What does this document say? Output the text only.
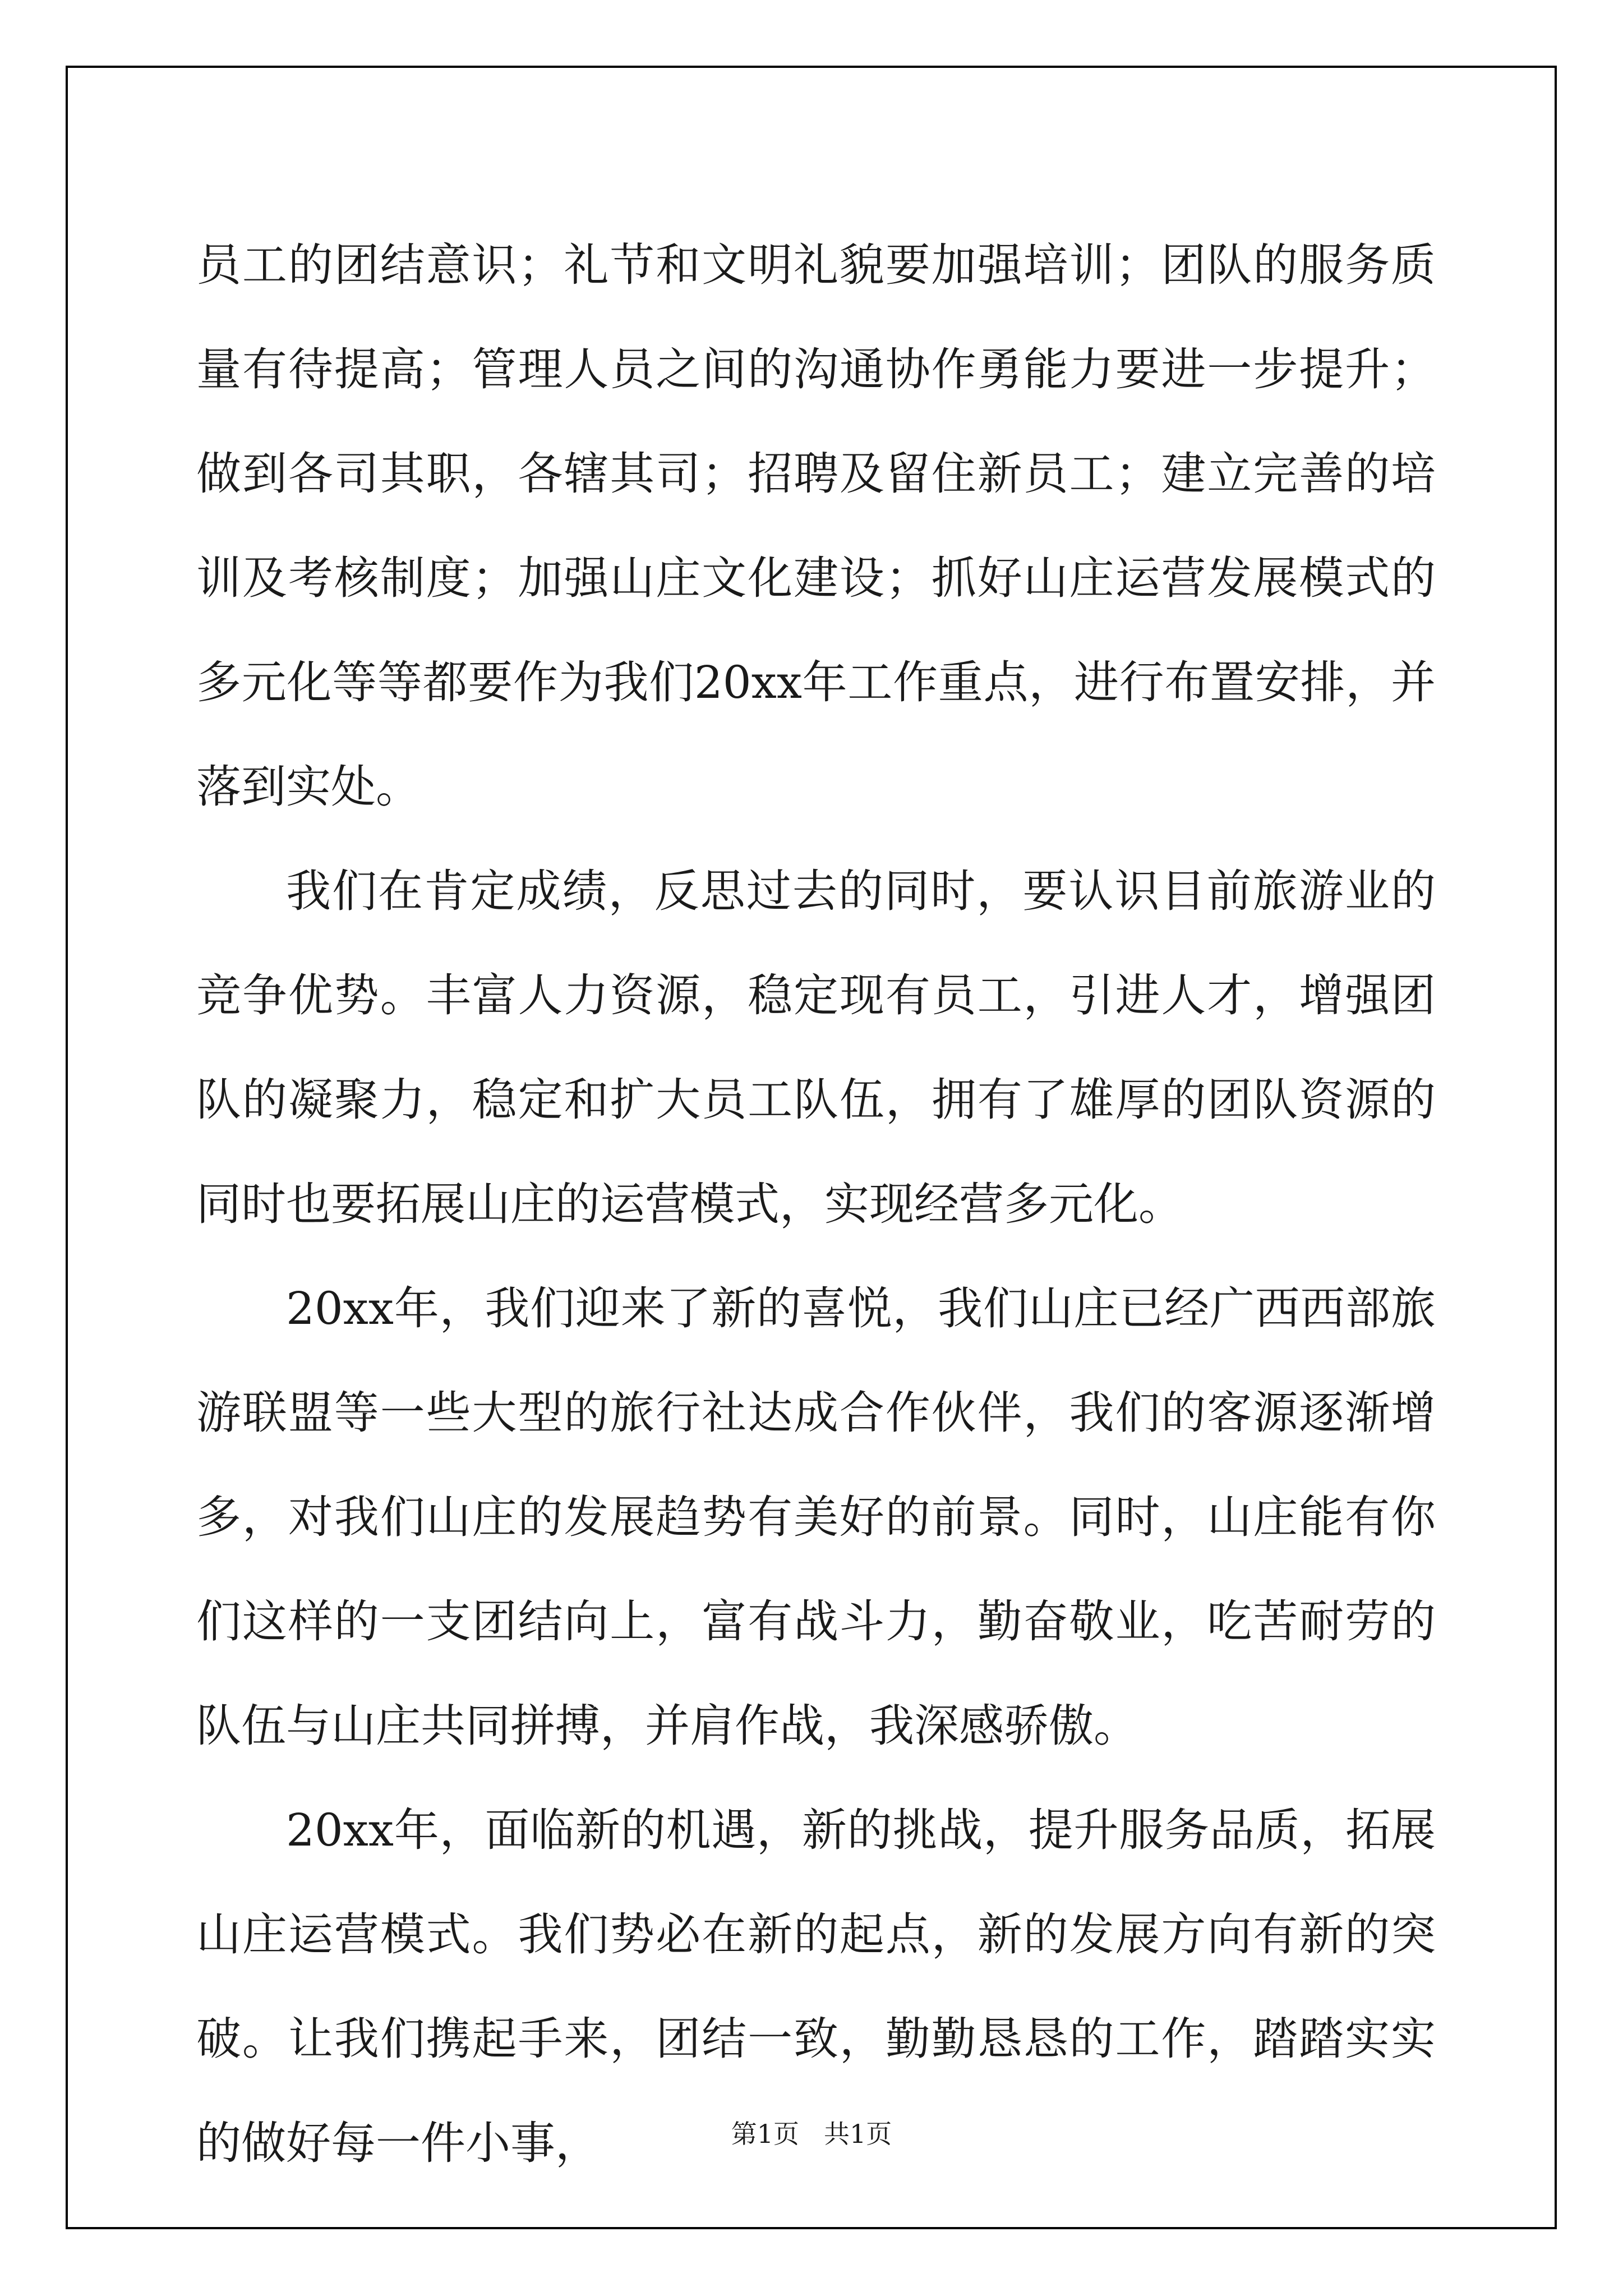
员工的团结意识；礼节和文明礼貌要加强培训；团队的服务质量有待提高；管理人员之间的沟通协作勇能力要进一步提升；做到各司其职，各辖其司；招聘及留住新员工；建立完善的培训及考核制度；加强山庄文化建设；抓好山庄运营发展模式的多元化等等都要作为我们20xx年工作重点，进行布置安排，并落到实处。

我们在肯定成绩，反思过去的同时，要认识目前旅游业的竞争优势。丰富人力资源，稳定现有员工，引进人才，增强团队的凝聚力，稳定和扩大员工队伍，拥有了雄厚的团队资源的同时也要拓展山庄的运营模式，实现经营多元化。

20xx年，我们迎来了新的喜悦，我们山庄已经广西西部旅游联盟等一些大型的旅行社达成合作伙伴，我们的客源逐渐增多，对我们山庄的发展趋势有美好的前景。同时，山庄能有你们这样的一支团结向上，富有战斗力，勤奋敬业，吃苦耐劳的队伍与山庄共同拼搏，并肩作战，我深感骄傲。

20xx年，面临新的机遇，新的挑战，提升服务品质，拓展山庄运营模式。我们势必在新的起点，新的发展方向有新的突破。让我们携起手来，团结一致，勤勤恳恳的工作，踏踏实实的做好每一件小事，	第1页 共1页
